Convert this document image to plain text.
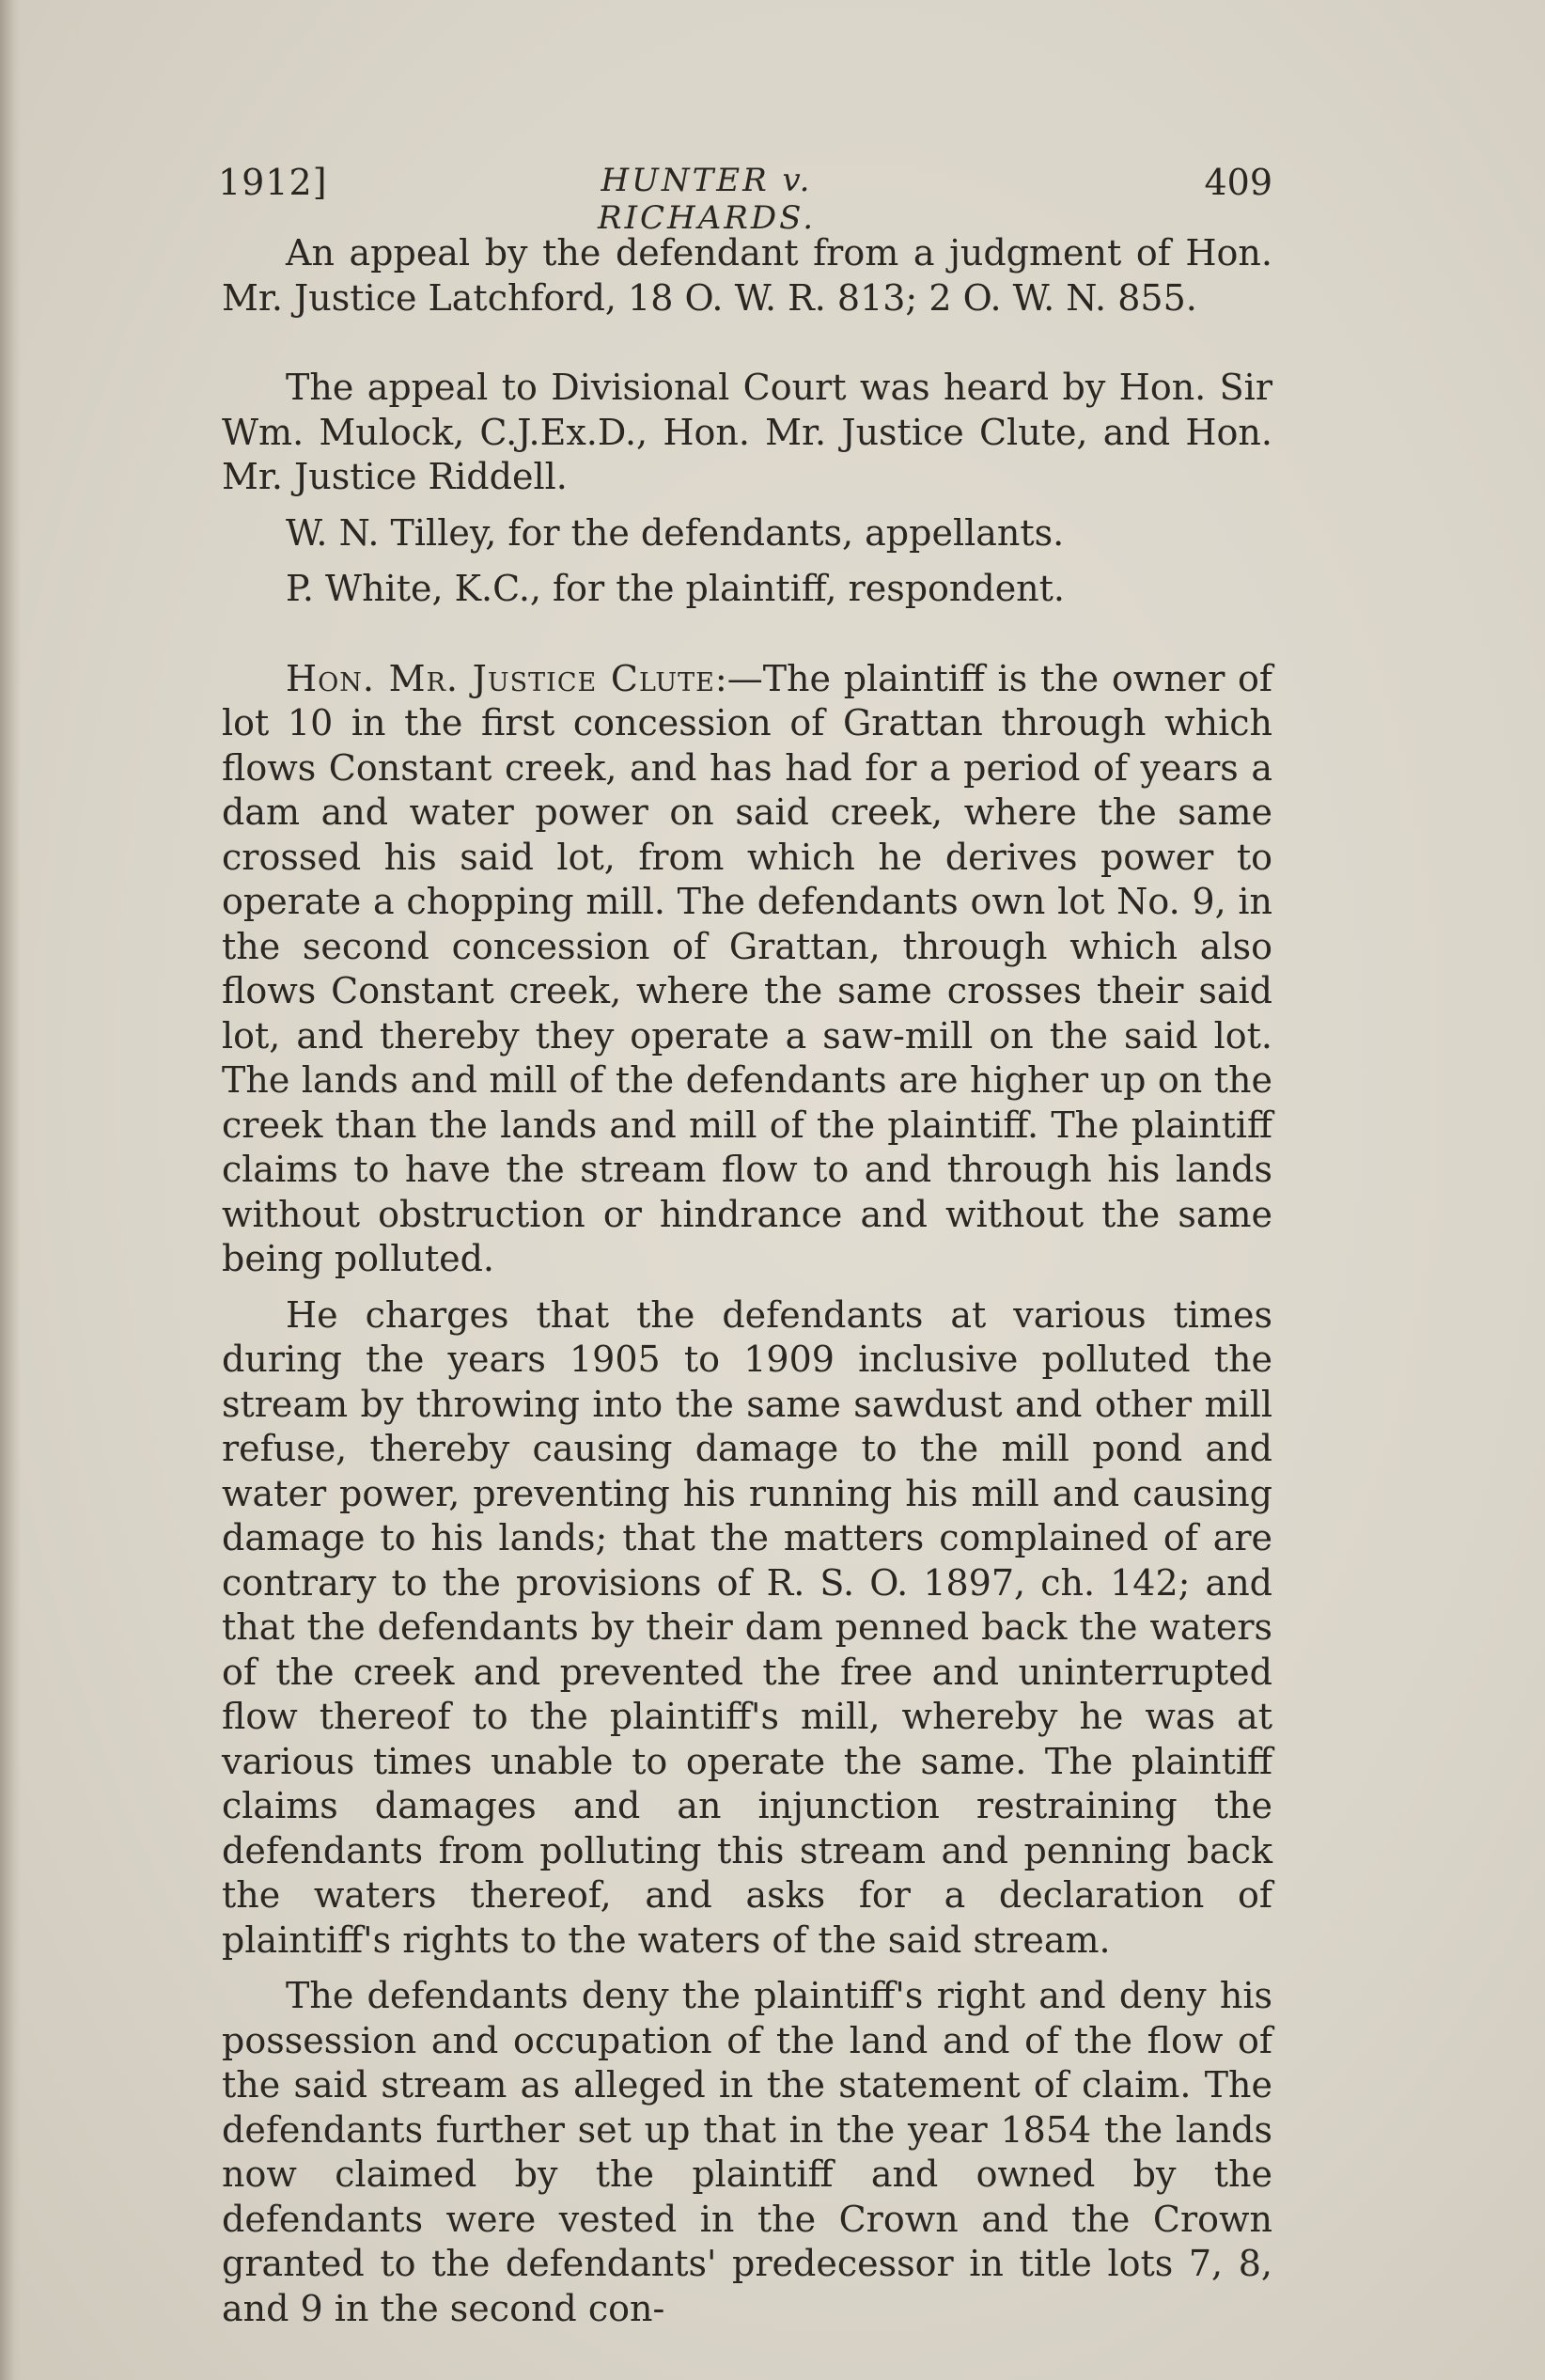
1912]	HUNTER v. RICHARDS.
409

An appeal by the defendant from a judgment of Hon. Mr. Justice Latchford, 18 O. W. R. 813; 2 O. W. N. 855.

The appeal to Divisional Court was heard by Hon. Sir Wm. Mulock, C.J.Ex.D., Hon. Mr. Justice Clute, and Hon. Mr. Justice Riddell.

W. N. Tilley, for the defendants, appellants.

P. White, K.C., for the plaintiff, respondent.

Hon. Mr. Justice Clute:—The plaintiff is the owner of lot 10 in the first concession of Grattan through which flows Constant creek, and has had for a period of years a dam and water power on said creek, where the same crossed his said lot, from which he derives power to operate a chopping mill. The defendants own lot No. 9, in the second concession of Grattan, through which also flows Constant creek, where the same crosses their said lot, and thereby they operate a saw-mill on the said lot. The lands and mill of the defendants are higher up on the creek than the lands and mill of the plaintiff. The plaintiff claims to have the stream flow to and through his lands without obstruction or hindrance and without the same being polluted.

He charges that the defendants at various times during the years 1905 to 1909 inclusive polluted the stream by throwing into the same sawdust and other mill refuse, thereby causing damage to the mill pond and water power, preventing his running his mill and causing damage to his lands; that the matters complained of are contrary to the provisions of R. S. O. 1897, ch. 142; and that the defendants by their dam penned back the waters of the creek and prevented the free and uninterrupted flow thereof to the plaintiff's mill, whereby he was at various times unable to operate the same. The plaintiff claims damages and an injunction restraining the defendants from polluting this stream and penning back the waters thereof, and asks for a declaration of plaintiff's rights to the waters of the said stream.

The defendants deny the plaintiff's right and deny his possession and occupation of the land and of the flow of the said stream as alleged in the statement of claim. The defendants further set up that in the year 1854 the lands now claimed by the plaintiff and owned by the defendants were vested in the Crown and the Crown granted to the defendants' predecessor in title lots 7, 8, and 9 in the second con-
